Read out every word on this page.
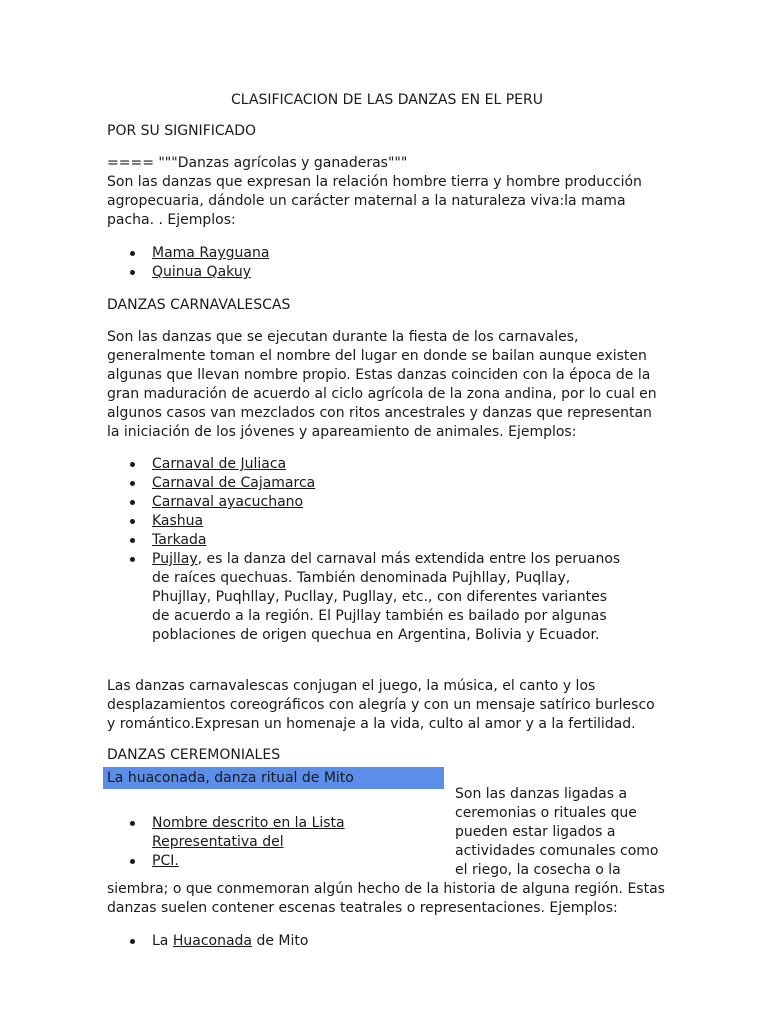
CLASIFICACION DE LAS DANZAS EN EL PERU
POR SU SIGNIFICADO
==== """Danzas agrícolas y ganaderas"""
Son las danzas que expresan la relación hombre tierra y hombre producción agropecuaria, dándole un carácter maternal a la naturaleza viva:la mama pacha. . Ejemplos:
Mama Rayguana
Quinua Qakuy
DANZAS CARNAVALESCAS
Son las danzas que se ejecutan durante la fiesta de los carnavales, generalmente toman el nombre del lugar en donde se bailan aunque existen algunas que llevan nombre propio. Estas danzas coinciden con la época de la gran maduración de acuerdo al ciclo agrícola de la zona andina, por lo cual en algunos casos van mezclados con ritos ancestrales y danzas que representan la iniciación de los jóvenes y apareamiento de animales. Ejemplos:
Carnaval de Juliaca
Carnaval de Cajamarca
Carnaval ayacuchano
Kashua
Tarkada
Pujllay, es la danza del carnaval más extendida entre los peruanos de raíces quechuas. También denominada Pujhllay, Puqllay, Phujllay, Puqhllay, Pucllay, Pugllay, etc., con diferentes variantes de acuerdo a la región. El Pujllay también es bailado por algunas poblaciones de origen quechua en Argentina, Bolivia y Ecuador.
Las danzas carnavalescas conjugan el juego, la música, el canto y los desplazamientos coreográficos con alegría y con un mensaje satírico burlesco y romántico.Expresan un homenaje a la vida, culto al amor y a la fertilidad.
DANZAS CEREMONIALES
La huaconada, danza ritual de Mito
Nombre descrito en la Lista Representativa del
PCI.
Son las danzas ligadas a ceremonias o rituales que pueden estar ligados a actividades comunales como el riego, la cosecha o la
siembra; o que conmemoran algún hecho de la historia de alguna región. Estas danzas suelen contener escenas teatrales o representaciones. Ejemplos:
La Huaconada de Mito
